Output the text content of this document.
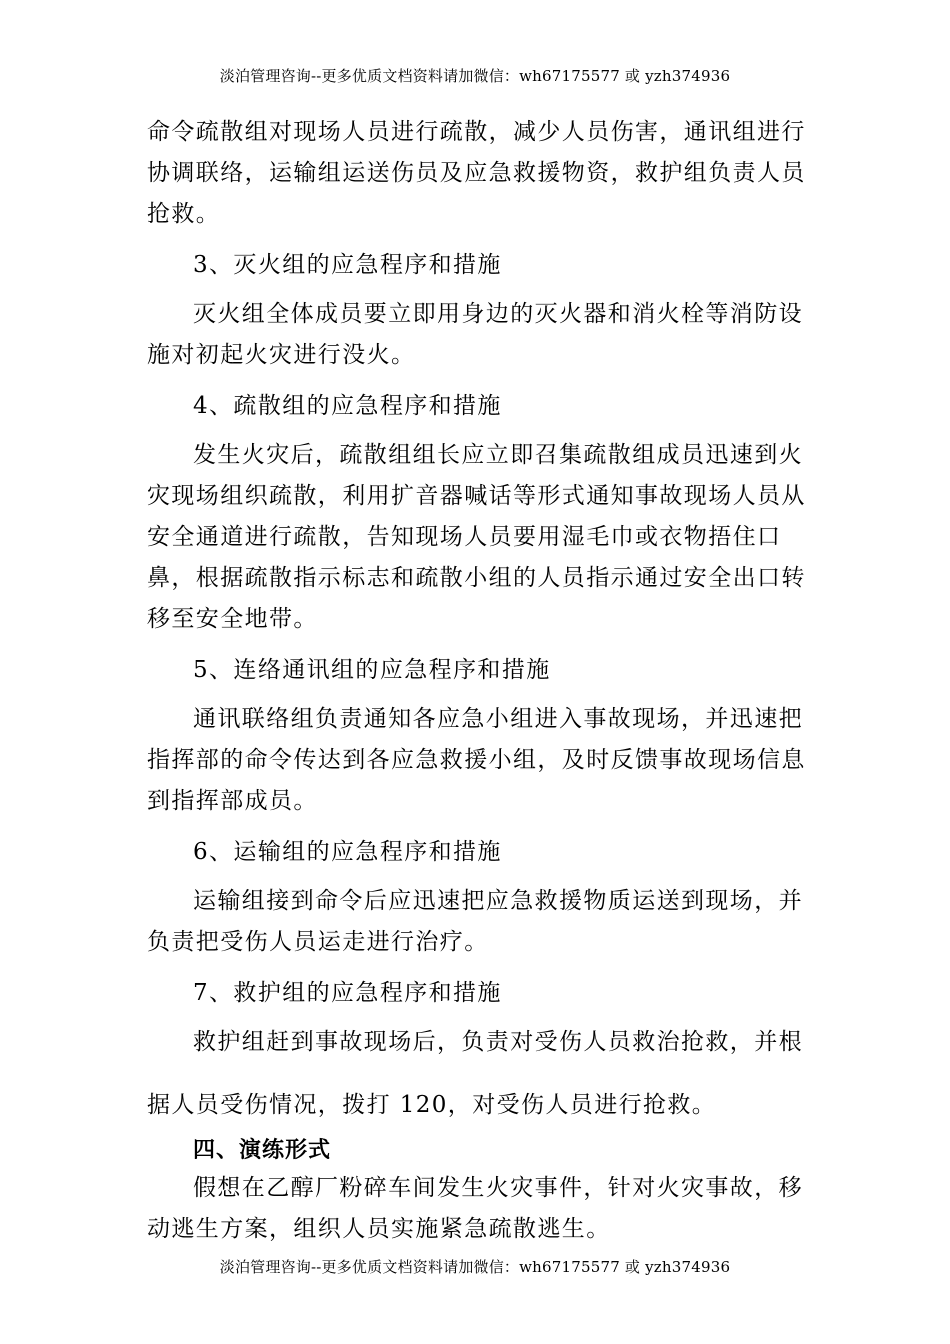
淡泊管理咨询--更多优质文档资料请加微信：wh67175577 或 yzh374936

命令疏散组对现场人员进行疏散，减少人员伤害，通讯组进行协调联络，运输组运送伤员及应急救援物资，救护组负责人员抢救。

3、灭火组的应急程序和措施

灭火组全体成员要立即用身边的灭火器和消火栓等消防设施对初起火灾进行没火。

4、疏散组的应急程序和措施

发生火灾后，疏散组组长应立即召集疏散组成员迅速到火灾现场组织疏散，利用扩音器喊话等形式通知事故现场人员从安全通道进行疏散，告知现场人员要用湿毛巾或衣物捂住口鼻，根据疏散指示标志和疏散小组的人员指示通过安全出口转移至安全地带。

5、连络通讯组的应急程序和措施

通讯联络组负责通知各应急小组进入事故现场，并迅速把指挥部的命令传达到各应急救援小组，及时反馈事故现场信息到指挥部成员。

6、运输组的应急程序和措施

运输组接到命令后应迅速把应急救援物质运送到现场，并负责把受伤人员运走进行治疗。

7、救护组的应急程序和措施

救护组赶到事故现场后，负责对受伤人员救治抢救，并根

据人员受伤情况，拨打 120，对受伤人员进行抢救。

四、演练形式

假想在乙醇厂粉碎车间发生火灾事件，针对火灾事故，移动逃生方案，组织人员实施紧急疏散逃生。

淡泊管理咨询--更多优质文档资料请加微信：wh67175577 或 yzh374936
